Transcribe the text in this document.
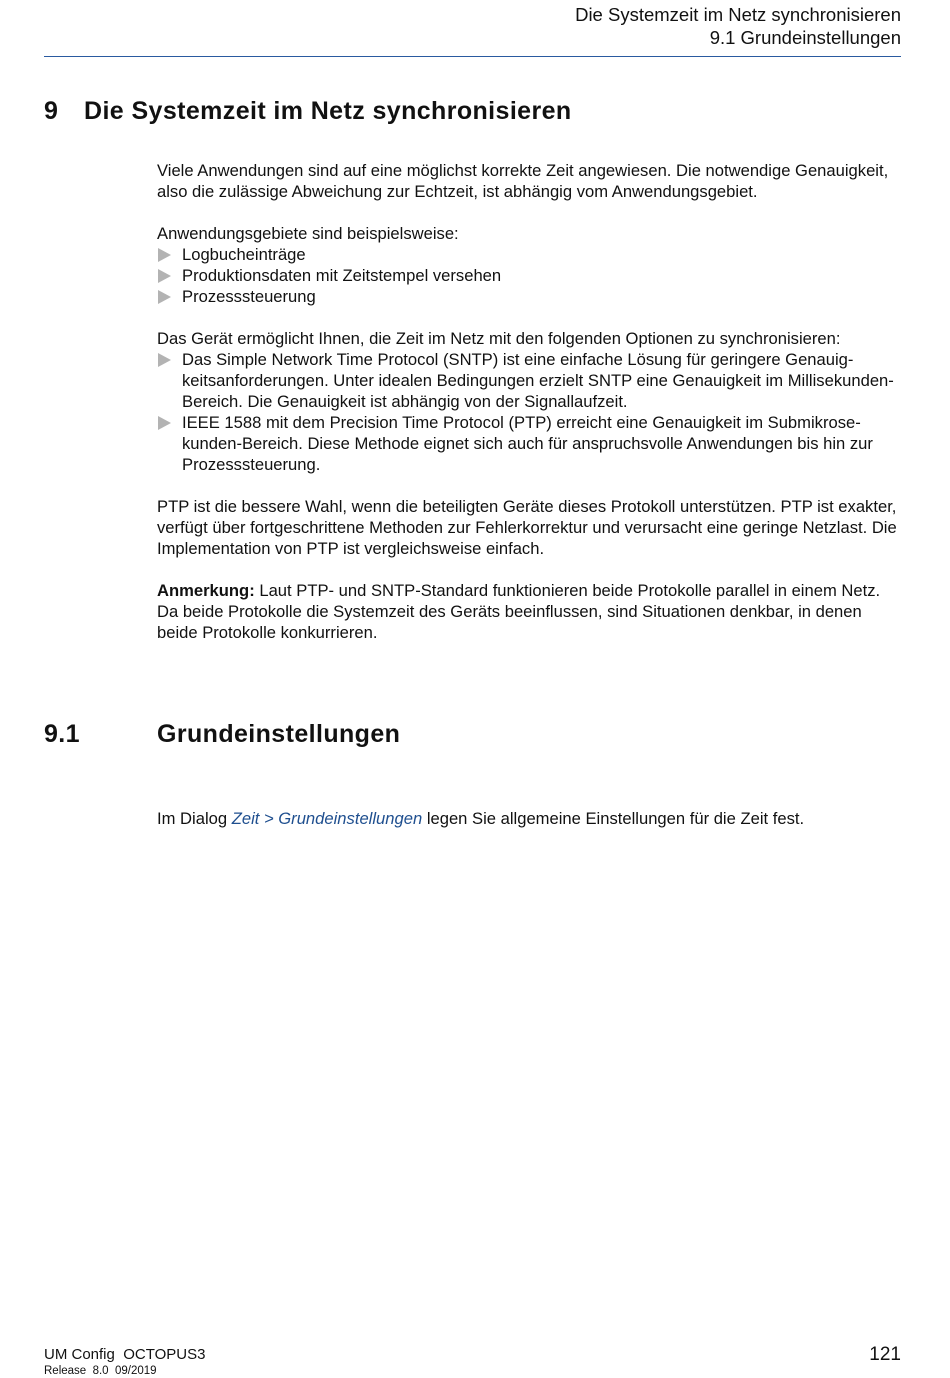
Die Systemzeit im Netz synchronisieren
9.1 Grundeinstellungen
9 Die Systemzeit im Netz synchronisieren

Viele Anwendungen sind auf eine möglichst korrekte Zeit angewiesen. Die notwendige Genauigkeit, also die zulässige Abweichung zur Echtzeit, ist abhängig vom Anwendungsgebiet.

Anwendungsgebiete sind beispielsweise:

Logbucheinträge
Produktionsdaten mit Zeitstempel versehen
Prozesssteuerung

Das Gerät ermöglicht Ihnen, die Zeit im Netz mit den folgenden Optionen zu synchronisieren:

Das Simple Network Time Protocol (SNTP) ist eine einfache Lösung für geringere Genauigkeitsanforderungen. Unter idealen Bedingungen erzielt SNTP eine Genauigkeit im Millisekunden-Bereich. Die Genauigkeit ist abhängig von der Signallaufzeit.
IEEE 1588 mit dem Precision Time Protocol (PTP) erreicht eine Genauigkeit im Submikrosekunden-Bereich. Diese Methode eignet sich auch für anspruchsvolle Anwendungen bis hin zur Prozesssteuerung.

PTP ist die bessere Wahl, wenn die beteiligten Geräte dieses Protokoll unterstützen. PTP ist exakter, verfügt über fortgeschrittene Methoden zur Fehlerkorrektur und verursacht eine geringe Netzlast. Die Implementation von PTP ist vergleichsweise einfach.

Anmerkung: Laut PTP- und SNTP-Standard funktionieren beide Protokolle parallel in einem Netz. Da beide Protokolle die Systemzeit des Geräts beeinflussen, sind Situationen denkbar, in denen beide Protokolle konkurrieren.

9.1	Grundeinstellungen

Im Dialog Zeit > Grundeinstellungen legen Sie allgemeine Einstellungen für die Zeit fest.

UM Config  OCTOPUS3
Release  8.0  09/2019
121
